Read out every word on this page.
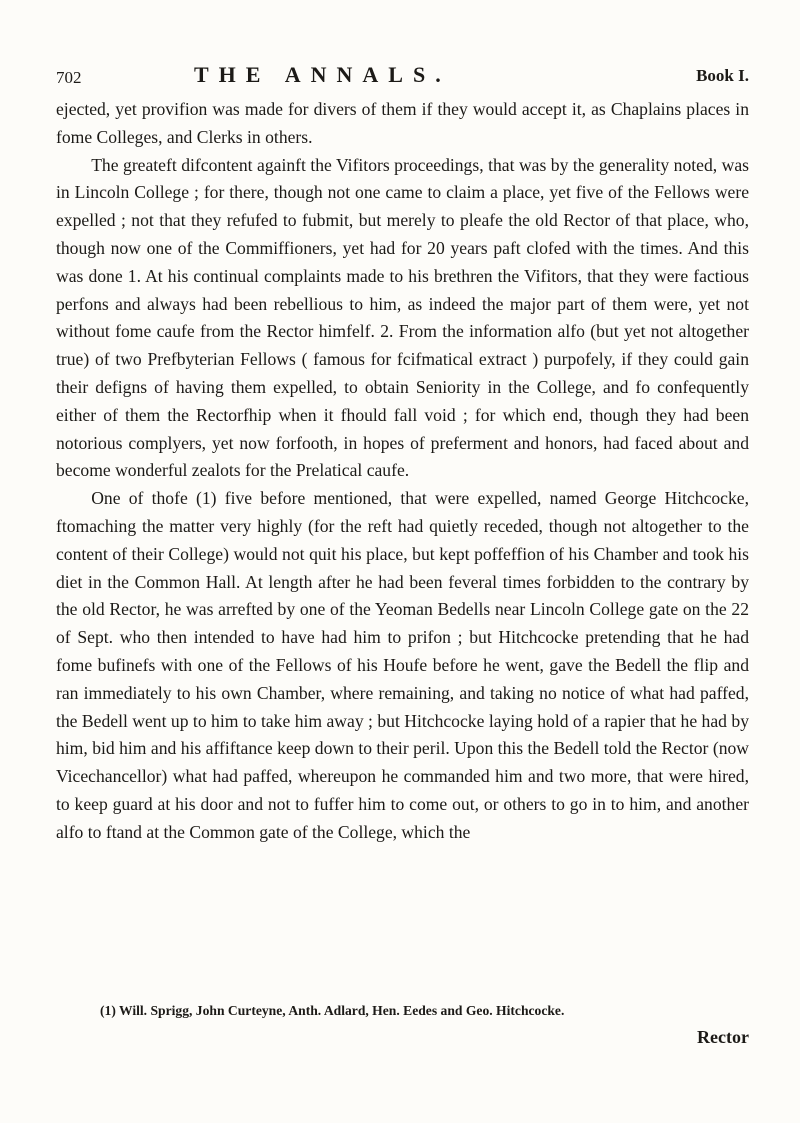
702	THE ANNALS.	Book I.

ejected, yet provifion was made for divers of them if they would accept it, as Chaplains places in fome Colleges, and Clerks in others.

The greateft difcontent againft the Vifitors proceedings, that was by the generality noted, was in Lincoln College ; for there, though not one came to claim a place, yet five of the Fellows were expelled ; not that they refufed to fubmit, but merely to pleafe the old Rector of that place, who, though now one of the Commiffioners, yet had for 20 years paft clofed with the times. And this was done 1. At his continual complaints made to his brethren the Vifitors, that they were factious perfons and always had been rebellious to him, as indeed the major part of them were, yet not without fome caufe from the Rector himfelf. 2. From the information alfo (but yet not altogether true) of two Prefbyterian Fellows ( famous for fcifmatical extract ) purpofely, if they could gain their defigns of having them expelled, to obtain Seniority in the College, and fo confequently either of them the Rectorfhip when it fhould fall void ; for which end, though they had been notorious complyers, yet now forfooth, in hopes of preferment and honors, had faced about and become wonderful zealots for the Prelatical caufe.

One of thofe (1) five before mentioned, that were expelled, named George Hitchcocke, ftomaching the matter very highly (for the reft had quietly receded, though not altogether to the content of their College) would not quit his place, but kept poffeffion of his Chamber and took his diet in the Common Hall. At length after he had been feveral times forbidden to the contrary by the old Rector, he was arrefted by one of the Yeoman Bedells near Lincoln College gate on the 22 of Sept. who then intended to have had him to prifon ; but Hitchcocke pretending that he had fome bufinefs with one of the Fellows of his Houfe before he went, gave the Bedell the flip and ran immediately to his own Chamber, where remaining, and taking no notice of what had paffed, the Bedell went up to him to take him away ; but Hitchcocke laying hold of a rapier that he had by him, bid him and his affiftance keep down to their peril. Upon this the Bedell told the Rector (now Vicechancellor) what had paffed, whereupon he commanded him and two more, that were hired, to keep guard at his door and not to fuffer him to come out, or others to go in to him, and another alfo to ftand at the Common gate of the College, which the

(1) Will. Sprigg, John Curteyne, Anth. Adlard, Hen. Eedes and Geo. Hitchcocke.
Rector
